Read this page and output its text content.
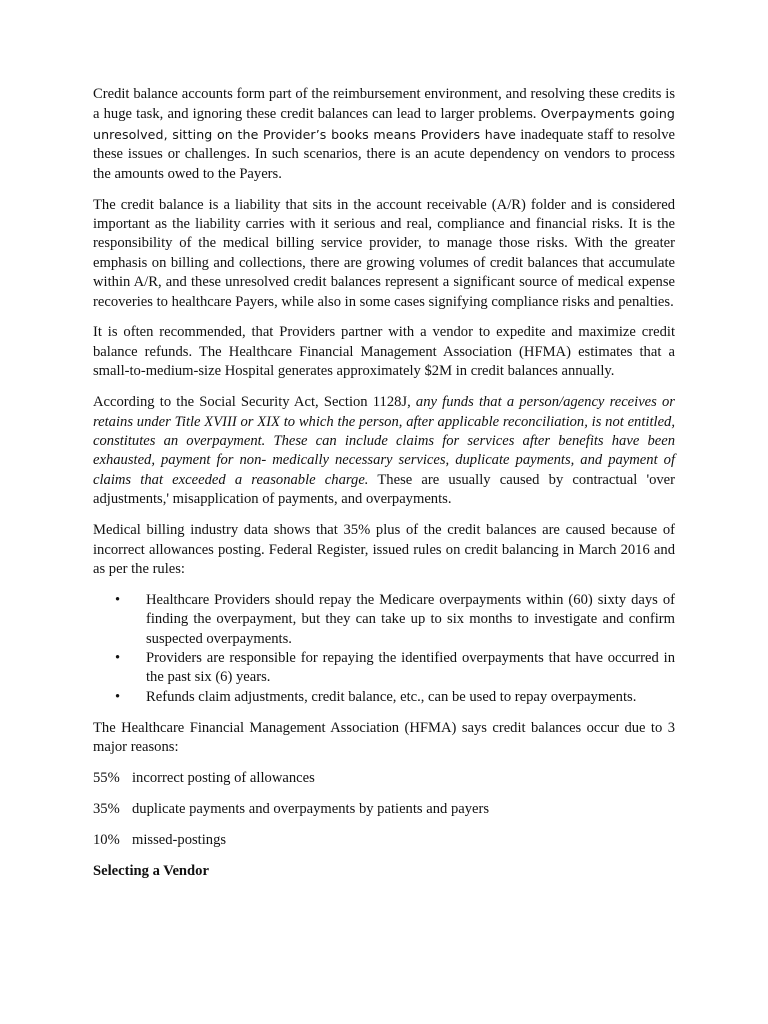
Credit balance accounts form part of the reimbursement environment, and resolving these credits is a huge task, and ignoring these credit balances can lead to larger problems. Overpayments going unresolved, sitting on the Provider’s books means Providers have inadequate staff to resolve these issues or challenges. In such scenarios, there is an acute dependency on vendors to process the amounts owed to the Payers.

The credit balance is a liability that sits in the account receivable (A/R) folder and is considered important as the liability carries with it serious and real, compliance and financial risks. It is the responsibility of the medical billing service provider, to manage those risks. With the greater emphasis on billing and collections, there are growing volumes of credit balances that accumulate within A/R, and these unresolved credit balances represent a significant source of medical expense recoveries to healthcare Payers, while also in some cases signifying compliance risks and penalties.

It is often recommended, that Providers partner with a vendor to expedite and maximize credit balance refunds. The Healthcare Financial Management Association (HFMA) estimates that a small-to-medium-size Hospital generates approximately $2M in credit balances annually.

According to the Social Security Act, Section 1128J, any funds that a person/agency receives or retains under Title XVIII or XIX to which the person, after applicable reconciliation, is not entitled, constitutes an overpayment. These can include claims for services after benefits have been exhausted, payment for non- medically necessary services, duplicate payments, and payment of claims that exceeded a reasonable charge. These are usually caused by contractual 'over adjustments,' misapplication of payments, and overpayments.

Medical billing industry data shows that 35% plus of the credit balances are caused because of incorrect allowances posting. Federal Register, issued rules on credit balancing in March 2016 and as per the rules:

• Healthcare Providers should repay the Medicare overpayments within (60) sixty days of finding the overpayment, but they can take up to six months to investigate and confirm suspected overpayments.
• Providers are responsible for repaying the identified overpayments that have occurred in the past six (6) years.
• Refunds claim adjustments, credit balance, etc., can be used to repay overpayments.

The Healthcare Financial Management Association (HFMA) says credit balances occur due to 3 major reasons:

55% incorrect posting of allowances
35% duplicate payments and overpayments by patients and payers
10% missed-postings

Selecting a Vendor
